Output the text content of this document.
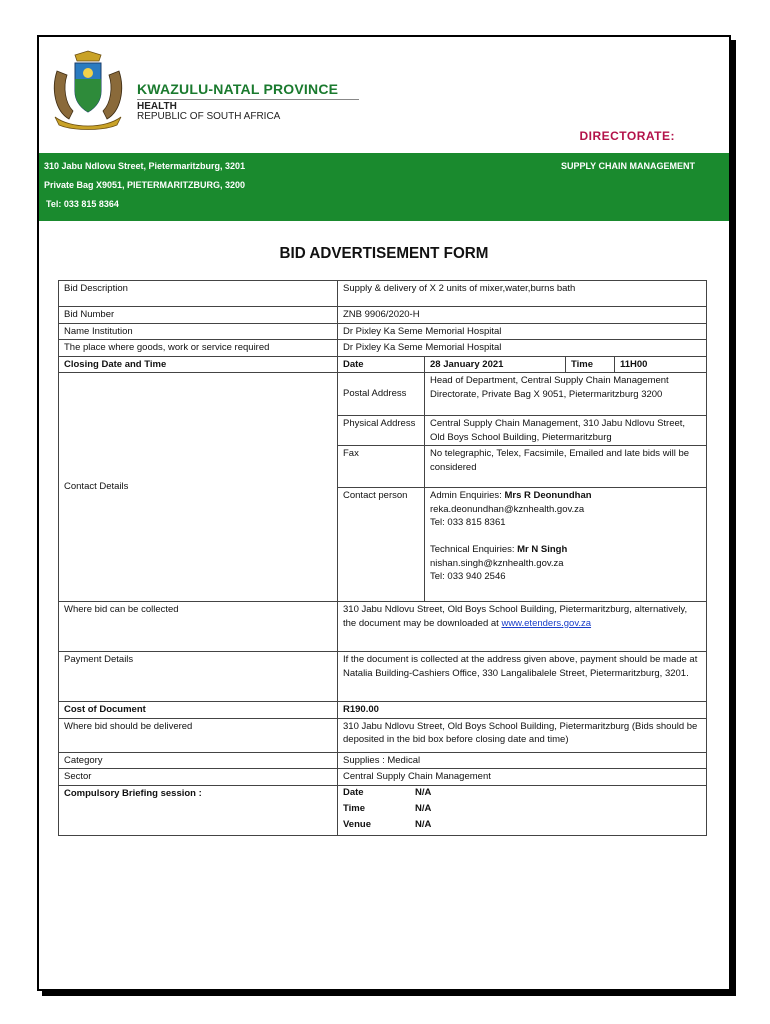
KWAZULU-NATAL PROVINCE
HEALTH
REPUBLIC OF SOUTH AFRICA
DIRECTORATE:
310 Jabu Ndlovu Street, Pietermaritzburg, 3201
Private Bag X9051, PIETERMARITZBURG, 3200
Tel: 033 815 8364
SUPPLY CHAIN MANAGEMENT
BID ADVERTISEMENT FORM
Bid Description	Supply & delivery of X 2 units of mixer,water,burns bath
Bid Number	ZNB 9906/2020-H
Name Institution	Dr Pixley Ka Seme Memorial Hospital
The place where goods, work or service required	Dr Pixley Ka Seme Memorial Hospital
Closing Date and Time	Date	28 January 2021	Time	11H00
Contact Details	Postal Address	Head of Department, Central Supply Chain Management Directorate, Private Bag X 9051, Pietermaritzburg 3200
Physical Address	Central Supply Chain Management, 310 Jabu Ndlovu Street, Old Boys School Building, Pietermaritzburg
Fax	No telegraphic, Telex, Facsimile, Emailed and late bids will be considered
Contact person	Admin Enquiries: Mrs R Deonundhan
reka.deonundhan@kznhealth.gov.za
Tel: 033 815 8361

Technical Enquiries: Mr N Singh
nishan.singh@kznhealth.gov.za
Tel: 033 940 2546
Where bid can be collected	310 Jabu Ndlovu Street, Old Boys School Building, Pietermaritzburg, alternatively, the document may be downloaded at www.etenders.gov.za
Payment Details	If the document is collected at the address given above, payment should be made at Natalia Building-Cashiers Office, 330 Langalibalele Street, Pietermaritzburg, 3201.
Cost of Document	R190.00
Where bid should be delivered	310 Jabu Ndlovu Street, Old Boys School Building, Pietermaritzburg (Bids should be deposited in the bid box before closing date and time)
Category	Supplies : Medical
Sector	Central Supply Chain Management
Compulsory Briefing session :		Date	N/A
Time	N/A
Venue	N/A
